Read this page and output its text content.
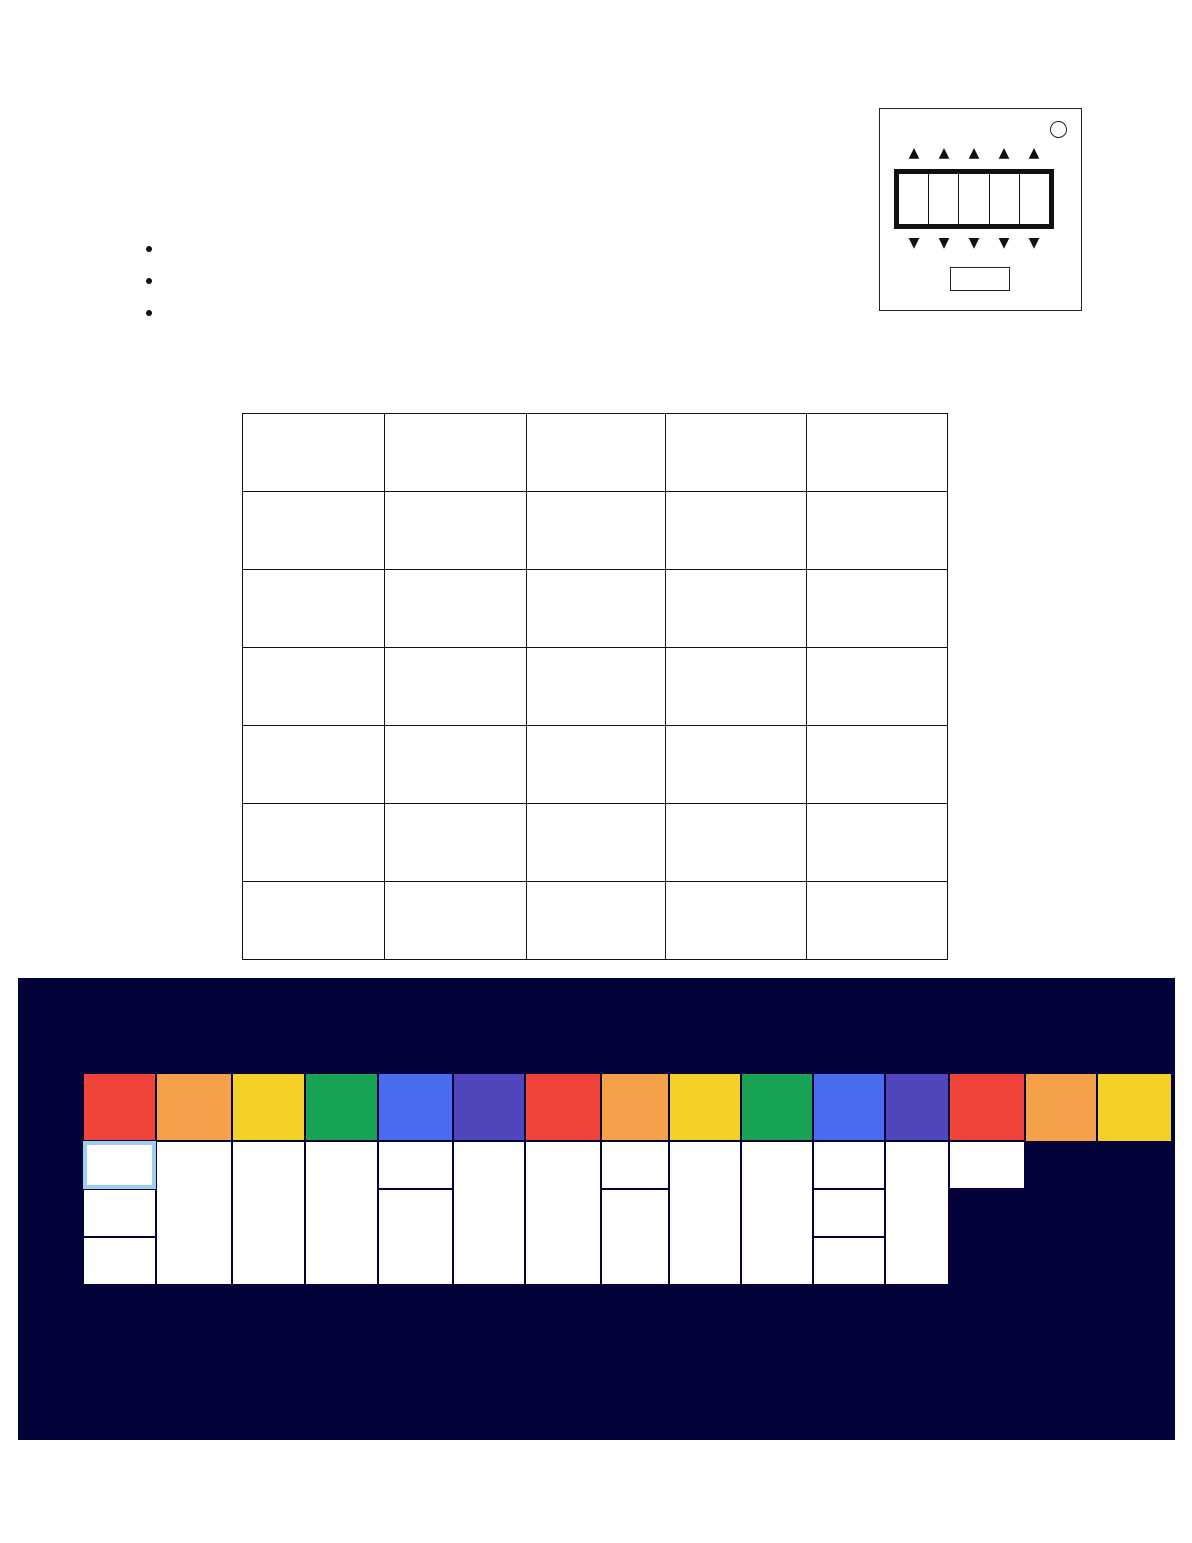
▲	▲	▲	▲	▲
▼	▼	▼	▼	▼
